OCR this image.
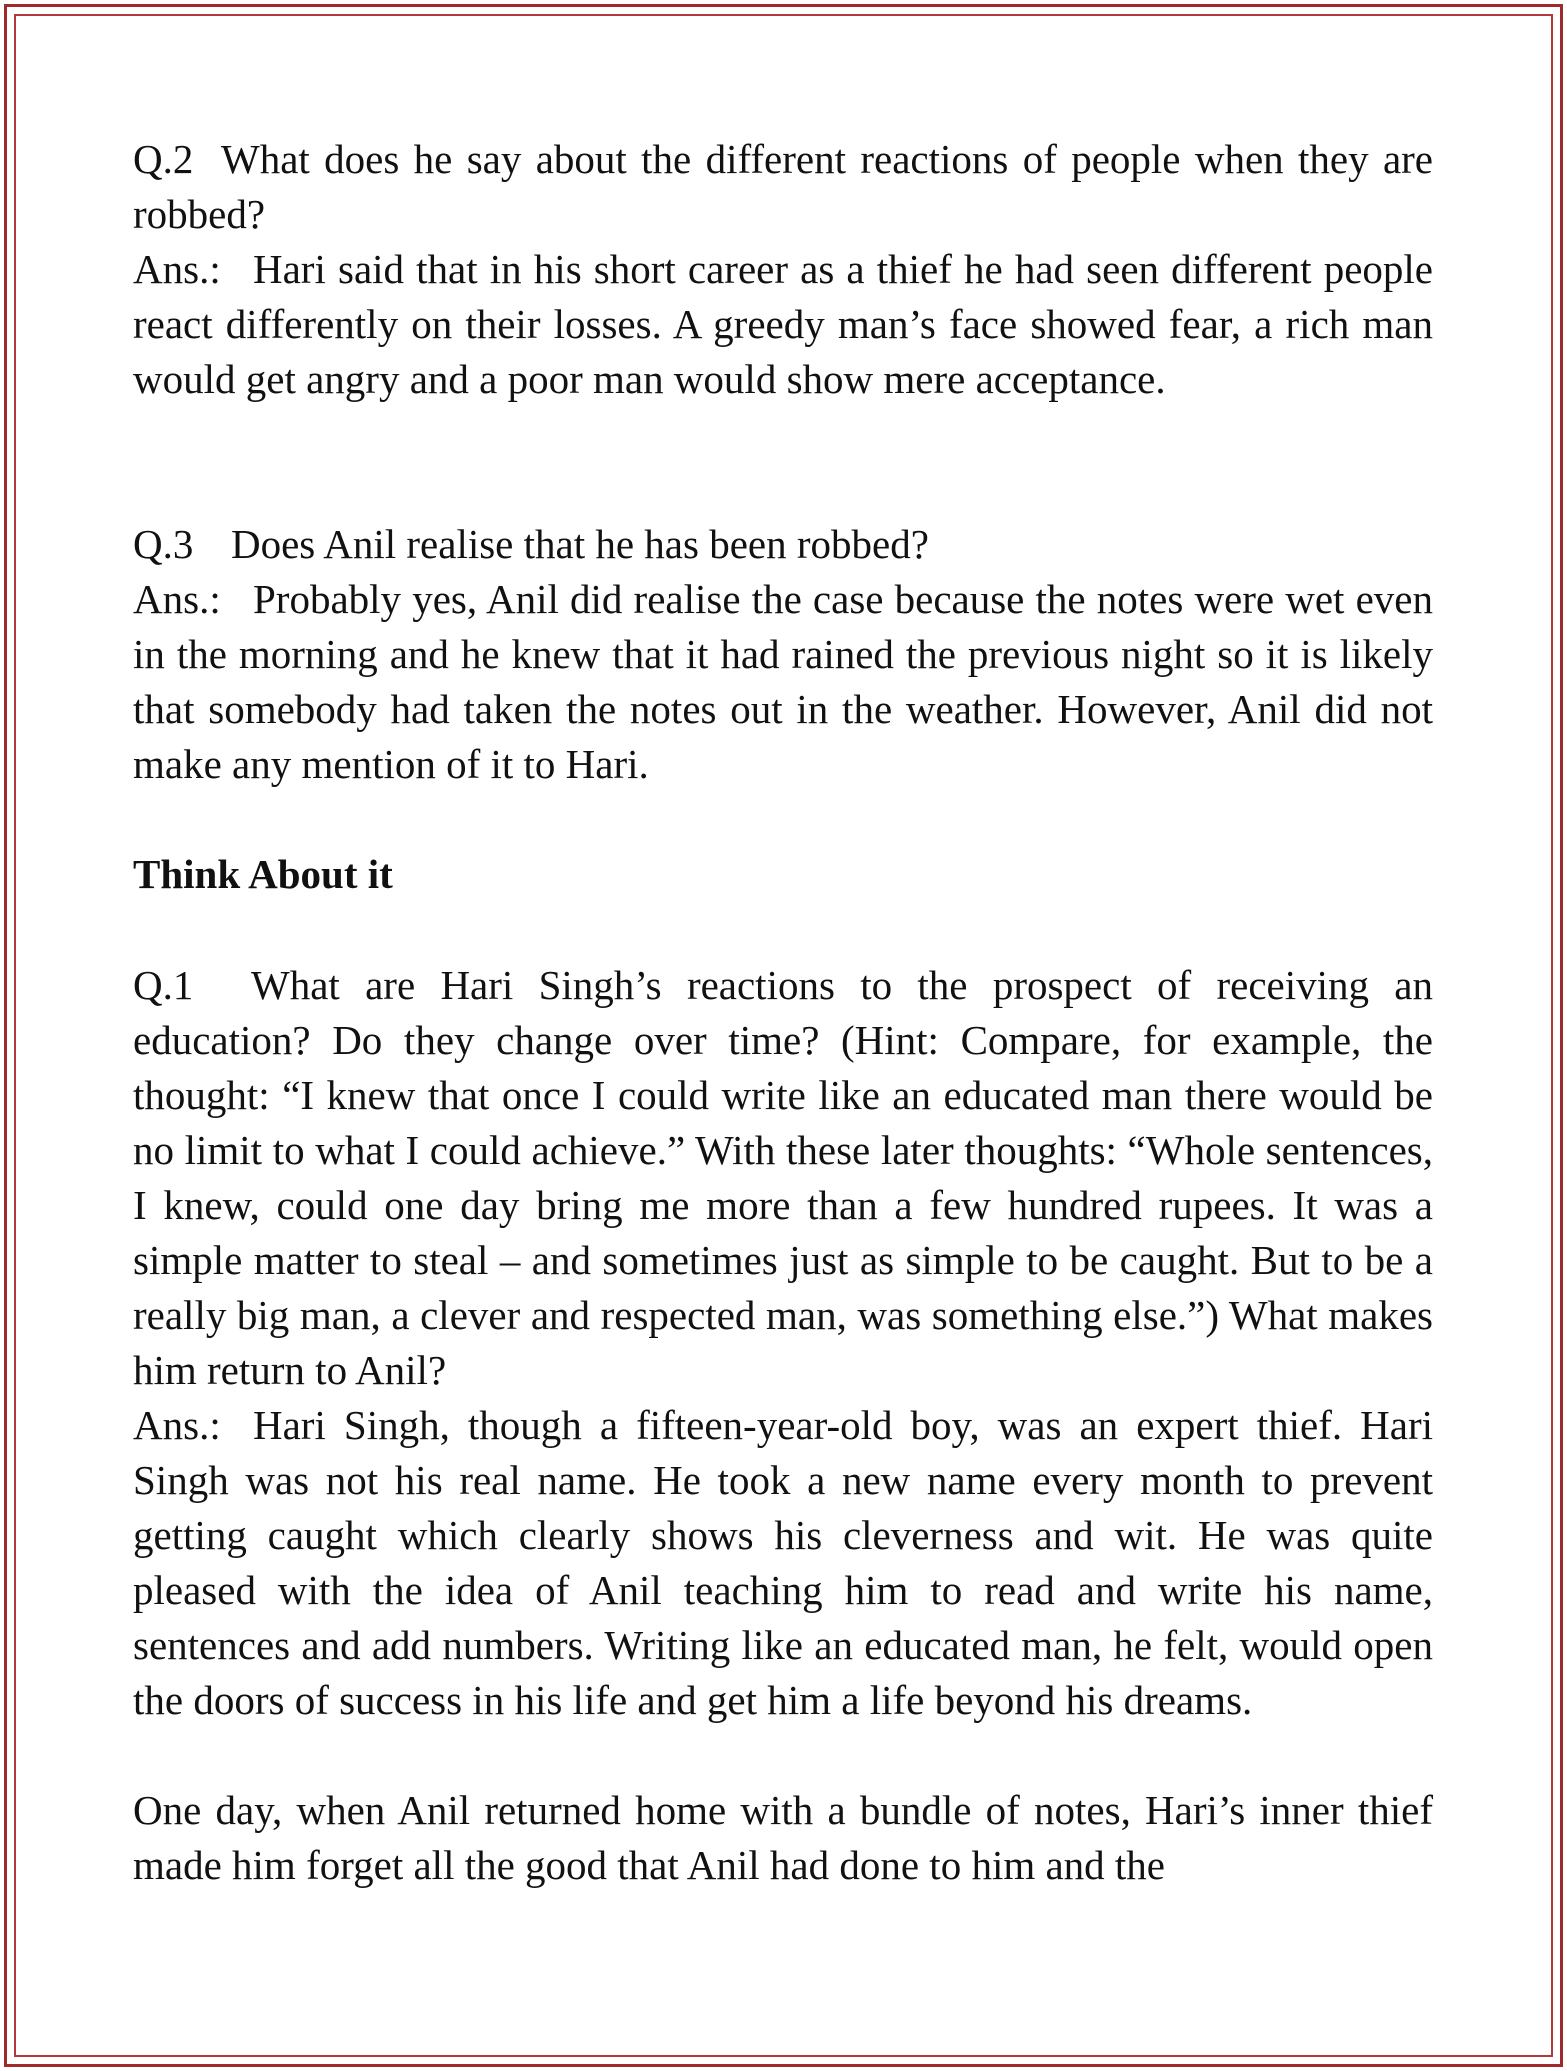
Q.2 What does he say about the different reactions of people when they are robbed?

Ans.: Hari said that in his short career as a thief he had seen different people react differently on their losses. A greedy man’s face showed fear, a rich man would get angry and a poor man would show mere acceptance.

Q.3 Does Anil realise that he has been robbed?

Ans.: Probably yes, Anil did realise the case because the notes were wet even in the morning and he knew that it had rained the previous night so it is likely that somebody had taken the notes out in the weather. However, Anil did not make any mention of it to Hari.

Think About it

Q.1 What are Hari Singh’s reactions to the prospect of receiving an education? Do they change over time? (Hint: Compare, for example, the thought: “I knew that once I could write like an educated man there would be no limit to what I could achieve.” With these later thoughts: “Whole sentences, I knew, could one day bring me more than a few hundred rupees. It was a simple matter to steal – and sometimes just as simple to be caught. But to be a really big man, a clever and respected man, was something else.”) What makes him return to Anil?

Ans.: Hari Singh, though a fifteen-year-old boy, was an expert thief. Hari Singh was not his real name. He took a new name every month to prevent getting caught which clearly shows his cleverness and wit. He was quite pleased with the idea of Anil teaching him to read and write his name, sentences and add numbers. Writing like an educated man, he felt, would open the doors of success in his life and get him a life beyond his dreams.

One day, when Anil returned home with a bundle of notes, Hari’s inner thief made him forget all the good that Anil had done to him and the
